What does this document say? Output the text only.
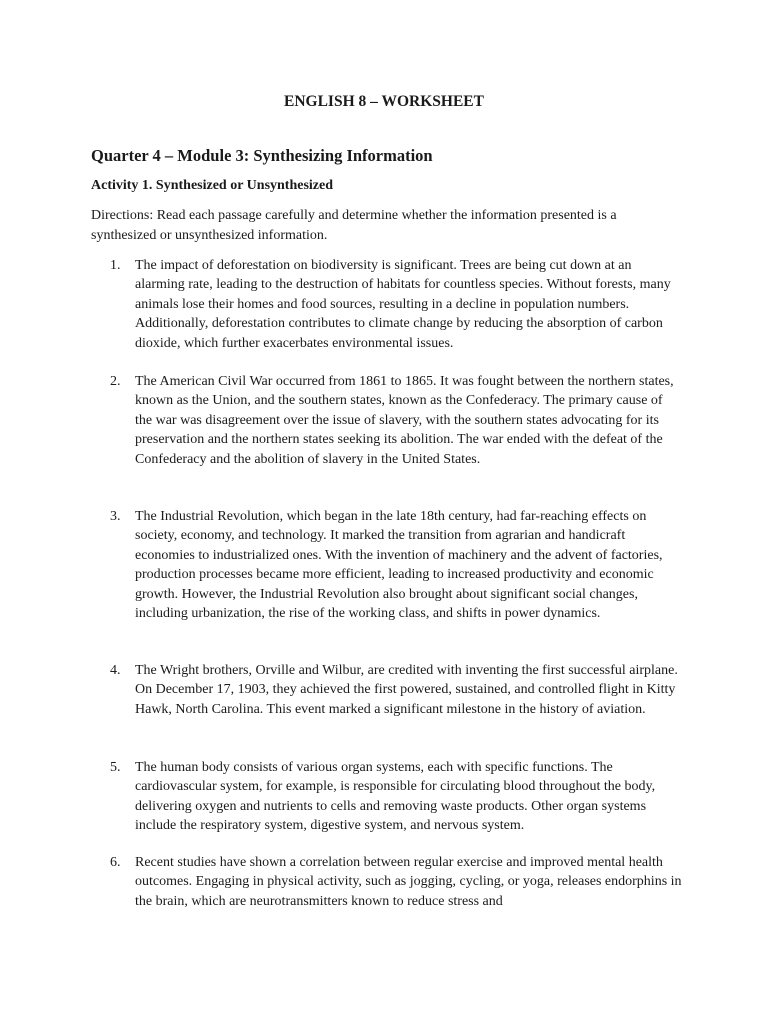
ENGLISH 8 – WORKSHEET
Quarter 4 – Module 3: Synthesizing Information
Activity 1. Synthesized or Unsynthesized

Directions: Read each passage carefully and determine whether the information presented is a synthesized or unsynthesized information.

1.	The impact of deforestation on biodiversity is significant. Trees are being cut down at an alarming rate, leading to the destruction of habitats for countless species. Without forests, many animals lose their homes and food sources, resulting in a decline in population numbers. Additionally, deforestation contributes to climate change by reducing the absorption of carbon dioxide, which further exacerbates environmental issues.
2.	The American Civil War occurred from 1861 to 1865. It was fought between the northern states, known as the Union, and the southern states, known as the Confederacy. The primary cause of the war was disagreement over the issue of slavery, with the southern states advocating for its preservation and the northern states seeking its abolition. The war ended with the defeat of the Confederacy and the abolition of slavery in the United States.
3.	The Industrial Revolution, which began in the late 18th century, had far-reaching effects on society, economy, and technology. It marked the transition from agrarian and handicraft economies to industrialized ones. With the invention of machinery and the advent of factories, production processes became more efficient, leading to increased productivity and economic growth. However, the Industrial Revolution also brought about significant social changes, including urbanization, the rise of the working class, and shifts in power dynamics.
4.	The Wright brothers, Orville and Wilbur, are credited with inventing the first successful airplane. On December 17, 1903, they achieved the first powered, sustained, and controlled flight in Kitty Hawk, North Carolina. This event marked a significant milestone in the history of aviation.
5.	The human body consists of various organ systems, each with specific functions. The cardiovascular system, for example, is responsible for circulating blood throughout the body, delivering oxygen and nutrients to cells and removing waste products. Other organ systems include the respiratory system, digestive system, and nervous system.
6.	Recent studies have shown a correlation between regular exercise and improved mental health outcomes. Engaging in physical activity, such as jogging, cycling, or yoga, releases endorphins in the brain, which are neurotransmitters known to reduce stress and
